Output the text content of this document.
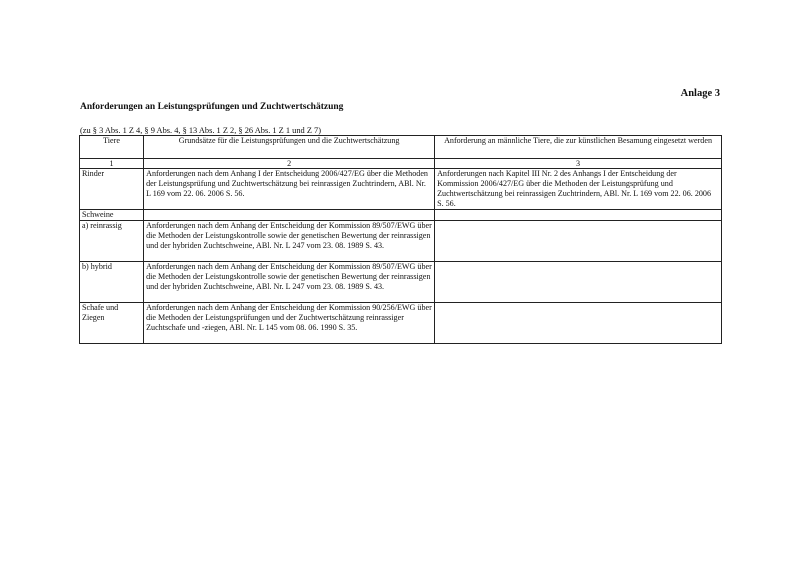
Anlage 3
Anforderungen an Leistungsprüfungen und Zuchtwertschätzung
(zu § 3 Abs. 1 Z 4, § 9 Abs. 4, § 13 Abs. 1 Z 2, § 26 Abs. 1 Z 1 und Z 7)
Tiere	Grundsätze für die Leistungsprüfungen und die Zuchtwertschätzung	Anforderung an männliche Tiere, die zur künstlichen Besamung eingesetzt werden
1	2	3
Rinder	Anforderungen nach dem Anhang I der Entscheidung 2006/427/EG über die Methoden der Leistungsprüfung und Zuchtwertschätzung bei reinrassigen Zuchtrindern, ABl. Nr. L 169 vom 22. 06. 2006 S. 56.	Anforderungen nach Kapitel III Nr. 2 des Anhangs I der Entscheidung der Kommission 2006/427/EG über die Methoden der Leistungsprüfung und Zuchtwertschätzung bei reinrassigen Zuchtrindern, ABl. Nr. L 169 vom 22. 06. 2006 S. 56.
Schweine		
a) reinrassig	Anforderungen nach dem Anhang der Entscheidung der Kommission 89/507/EWG über die Methoden der Leistungskontrolle sowie der genetischen Bewertung der reinrassigen und der hybriden Zuchtschweine, ABl. Nr. L 247 vom 23. 08. 1989 S. 43.	
b) hybrid	Anforderungen nach dem Anhang der Entscheidung der Kommission 89/507/EWG über die Methoden der Leistungskontrolle sowie der genetischen Bewertung der reinrassigen und der hybriden Zuchtschweine, ABl. Nr. L 247 vom 23. 08. 1989 S. 43.	
Schafe und Ziegen	Anforderungen nach dem Anhang der Entscheidung der Kommission 90/256/EWG über die Methoden der Leistungsprüfungen und der Zuchtwertschätzung reinrassiger Zuchtschafe und -ziegen, ABl. Nr. L 145 vom 08. 06. 1990 S. 35.	
